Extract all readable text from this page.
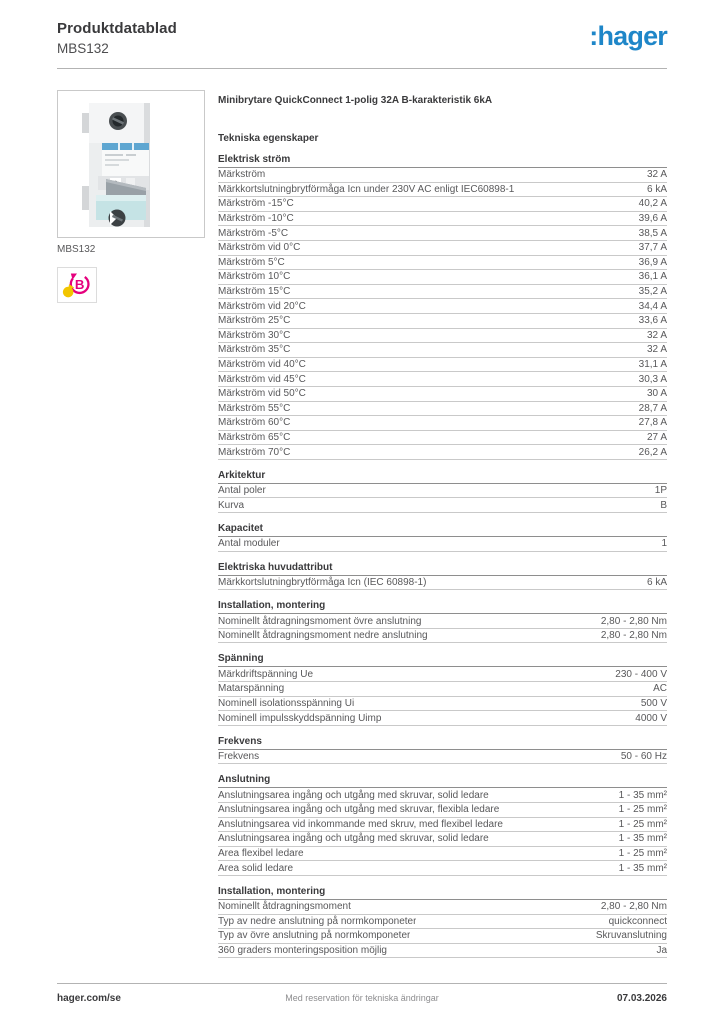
Produktdatablad
MBS132	:hager
MBS132
B
Minibrytare QuickConnect 1-polig 32A B-karakteristik 6kA
Tekniska egenskaper
Elektrisk ström
Märkström	32 A
Märkkortslutningbrytförmåga Icn under 230V AC enligt IEC60898-1	6 kA
Märkström -15°C	40,2 A
Märkström -10°C	39,6 A
Märkström -5°C	38,5 A
Märkström vid 0°C	37,7 A
Märkström 5°C	36,9 A
Märkström 10°C	36,1 A
Märkström 15°C	35,2 A
Märkström vid 20°C	34,4 A
Märkström 25°C	33,6 A
Märkström 30°C	32 A
Märkström 35°C	32 A
Märkström vid 40°C	31,1 A
Märkström vid 45°C	30,3 A
Märkström vid 50°C	30 A
Märkström 55°C	28,7 A
Märkström 60°C	27,8 A
Märkström 65°C	27 A
Märkström 70°C	26,2 A
Arkitektur
Antal poler	1P
Kurva	B
Kapacitet
Antal moduler	1
Elektriska huvudattribut
Märkkortslutningbrytförmåga Icn (IEC 60898-1)	6 kA
Installation, montering
Nominellt åtdragningsmoment övre anslutning	2,80 - 2,80 Nm
Nominellt åtdragningsmoment nedre anslutning	2,80 - 2,80 Nm
Spänning
Märkdriftspänning Ue	230 - 400 V
Matarspänning	AC
Nominell isolationsspänning Ui	500 V
Nominell impulsskyddspänning Uimp	4000 V
Frekvens
Frekvens	50 - 60 Hz
Anslutning
Anslutningsarea ingång och utgång med skruvar, solid ledare	1 - 35 mm²
Anslutningsarea ingång och utgång med skruvar, flexibla ledare	1 - 25 mm²
Anslutningsarea vid inkommande med skruv, med flexibel ledare	1 - 25 mm²
Anslutningsarea ingång och utgång med skruvar, solid ledare	1 - 35 mm²
Area flexibel ledare	1 - 25 mm²
Area solid ledare	1 - 35 mm²
Installation, montering
Nominellt åtdragningsmoment	2,80 - 2,80 Nm
Typ av nedre anslutning på normkomponeter	quickconnect
Typ av övre anslutning på normkomponeter	Skruvanslutning
360 graders monteringsposition möjlig	Ja
Med reservation för tekniska ändringar
hager.com/se	07.03.2026
